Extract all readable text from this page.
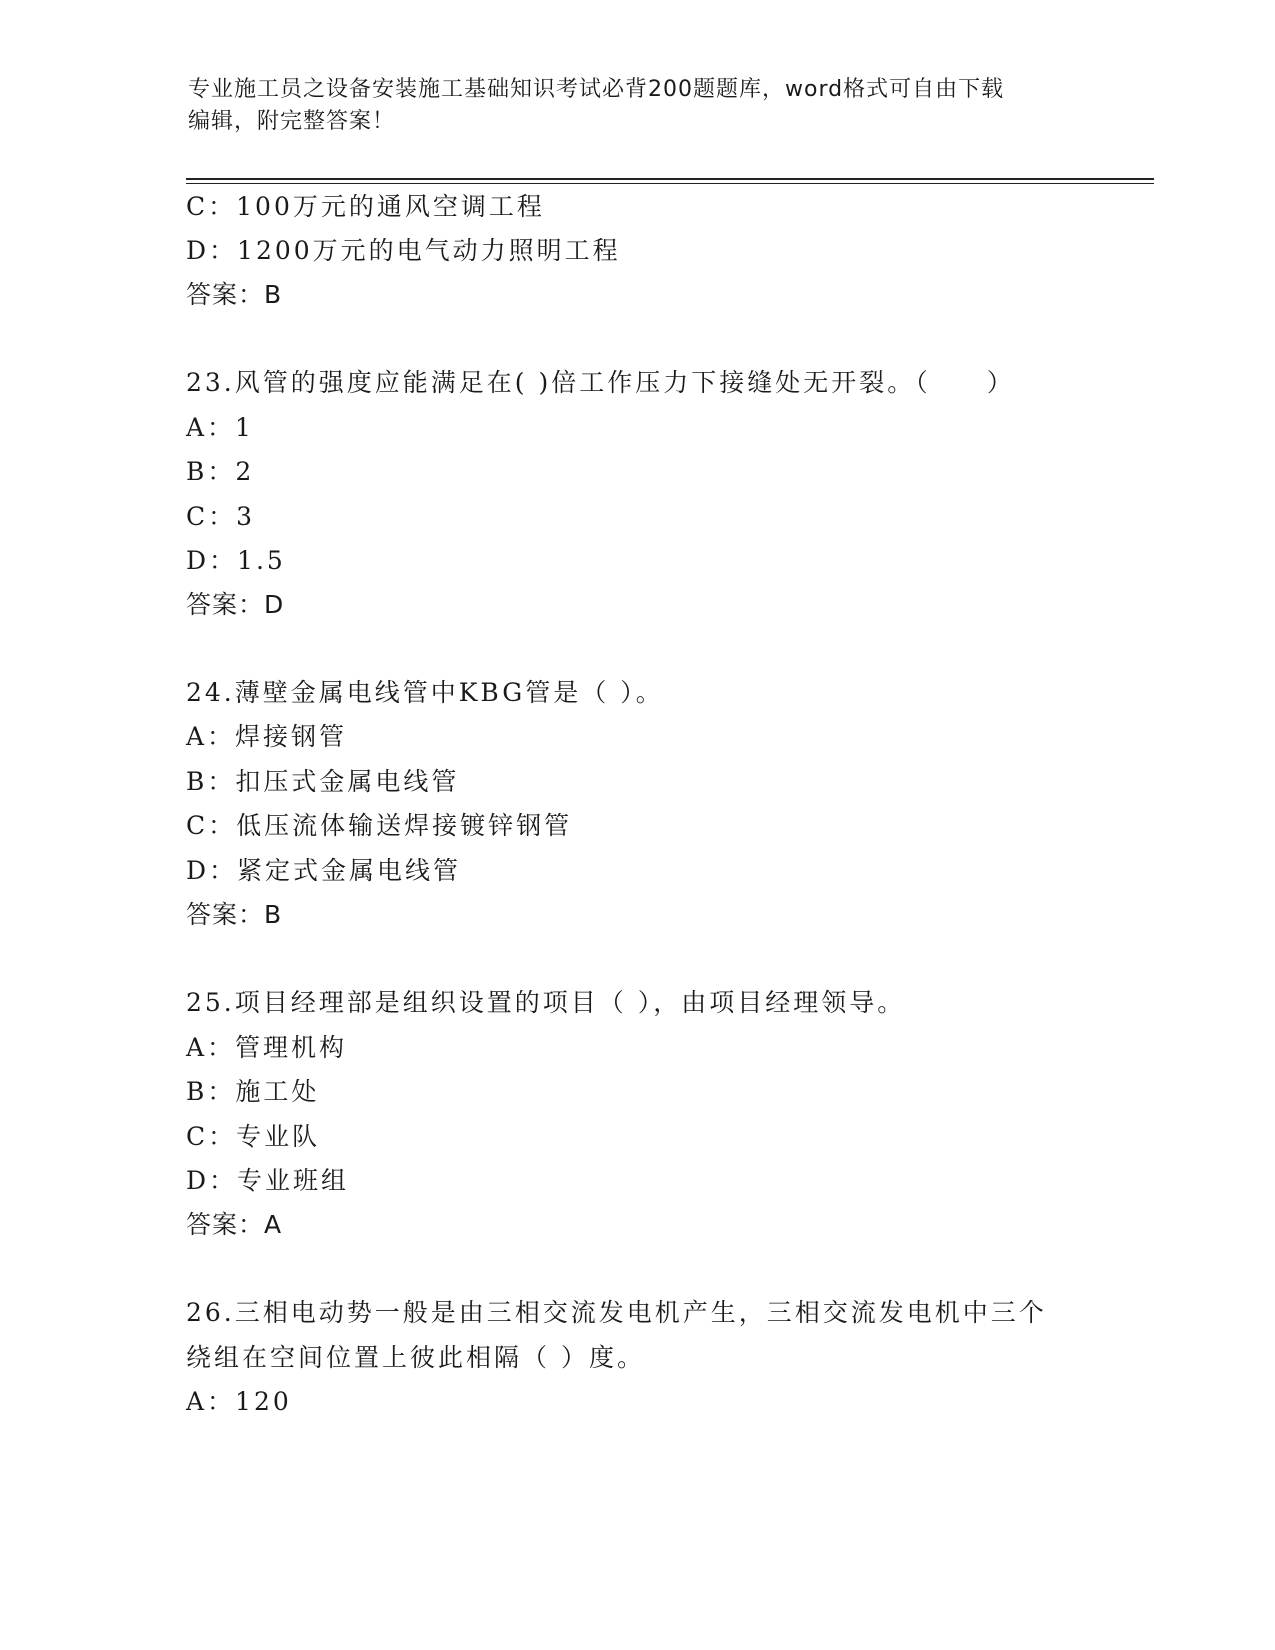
专业施工员之设备安装施工基础知识考试必背200题题库，word格式可自由下载
编辑，附完整答案！
C：100万元的通风空调工程
D：1200万元的电气动力照明工程
答案：B
23.风管的强度应能满足在( )倍工作压力下接缝处无开裂。（　　）
A：1
B：2
C：3
D：1.5
答案：D
24.薄壁金属电线管中KBG管是（ ）。
A：焊接钢管
B：扣压式金属电线管
C：低压流体输送焊接镀锌钢管
D：紧定式金属电线管
答案：B
25.项目经理部是组织设置的项目（ ），由项目经理领导。
A：管理机构
B：施工处
C：专业队
D：专业班组
答案：A
26.三相电动势一般是由三相交流发电机产生，三相交流发电机中三个
绕组在空间位置上彼此相隔（ ）度。
A：120
